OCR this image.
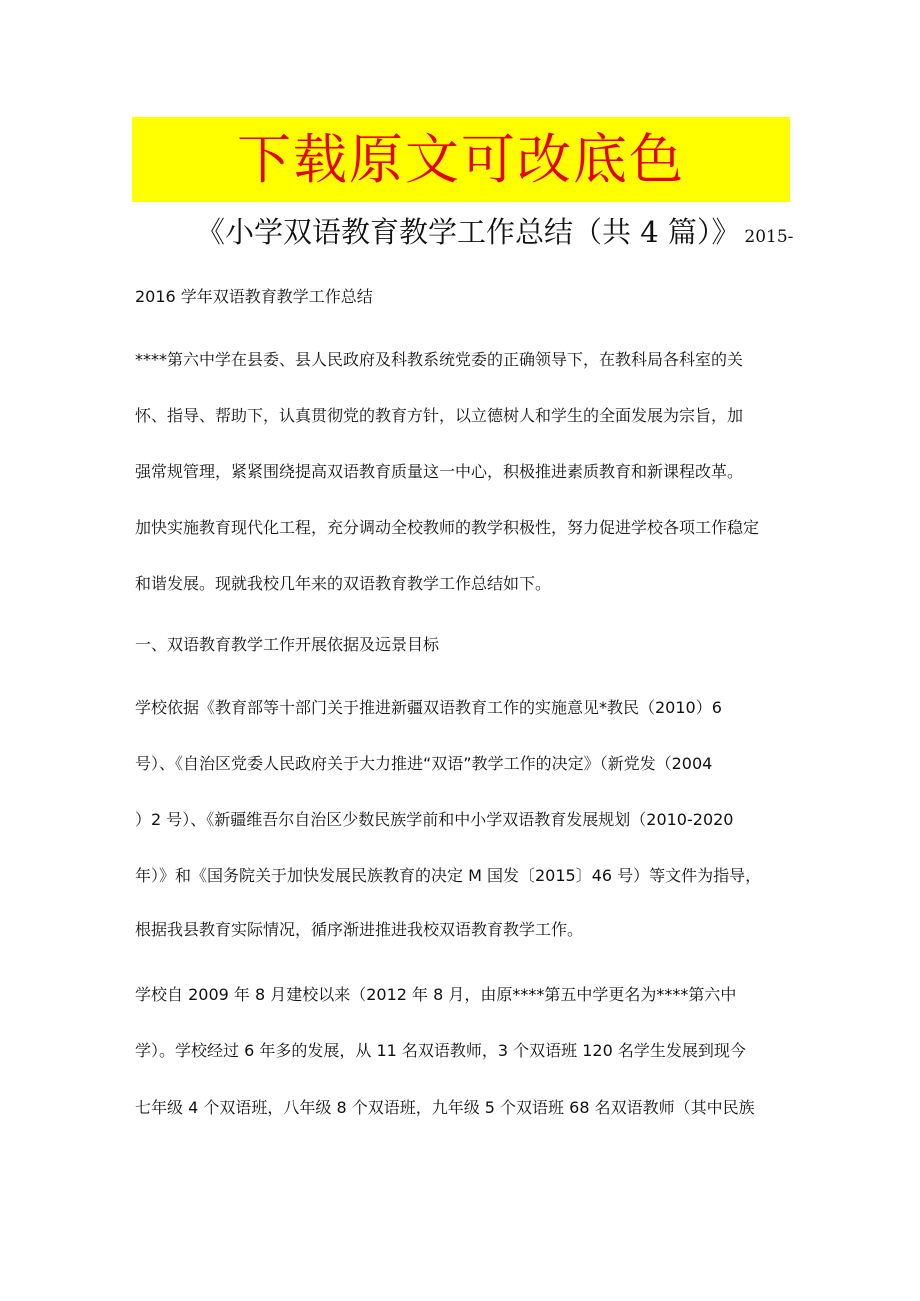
下载原文可改底色
《小学双语教育教学工作总结（共 4 篇）》 2015-
2016 学年双语教育教学工作总结
****第六中学在县委、县人民政府及科教系统党委的正确领导下，在教科局各科室的关
怀、指导、帮助下，认真贯彻党的教育方针，以立德树人和学生的全面发展为宗旨，加
强常规管理，紧紧围绕提高双语教育质量这一中心，积极推进素质教育和新课程改革。
加快实施教育现代化工程，充分调动全校教师的教学积极性，努力促进学校各项工作稳定
和谐发展。现就我校几年来的双语教育教学工作总结如下。
一、双语教育教学工作开展依据及远景目标
学校依据《教育部等十部门关于推进新疆双语教育工作的实施意见*教民（2010）6
号）、《自治区党委人民政府关于大力推进“双语”教学工作的决定》（新党发（2004
）2 号）、《新疆维吾尔自治区少数民族学前和中小学双语教育发展规划（2010-2020
年）》和《国务院关于加快发展民族教育的决定 M 国发〔2015〕46 号）等文件为指导，
根据我县教育实际情况，循序渐进推进我校双语教育教学工作。
学校自 2009 年 8 月建校以来（2012 年 8 月，由原****第五中学更名为****第六中
学）。学校经过 6 年多的发展，从 11 名双语教师，3 个双语班 120 名学生发展到现今
七年级 4 个双语班，八年级 8 个双语班，九年级 5 个双语班 68 名双语教师（其中民族
